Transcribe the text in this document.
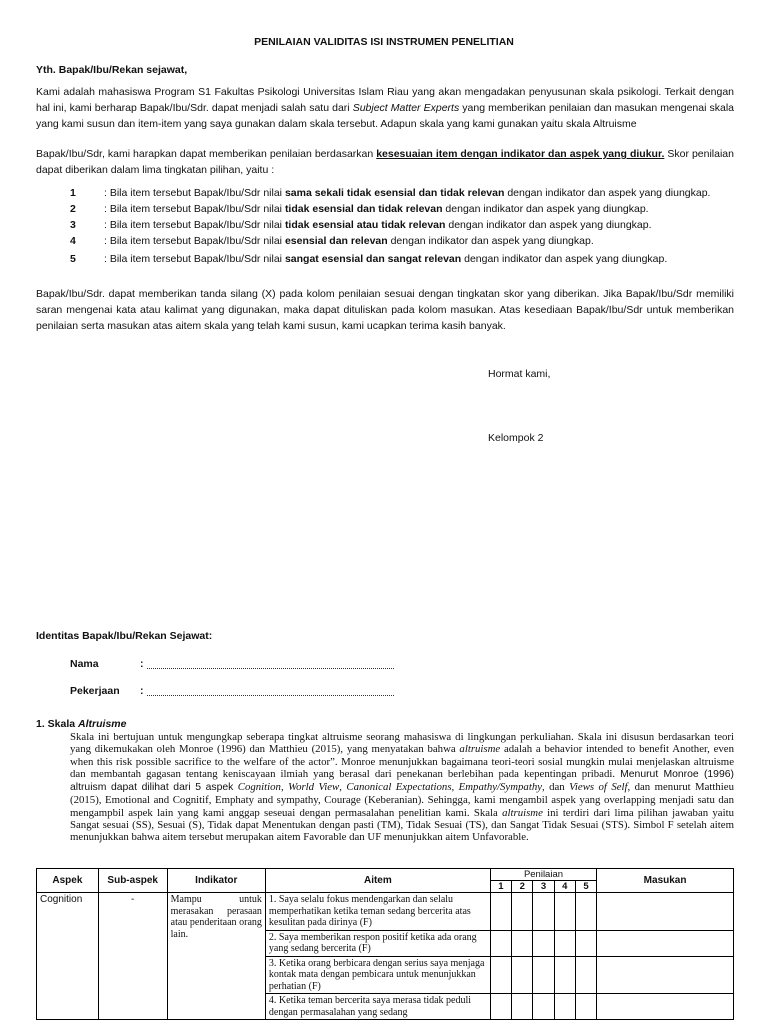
PENILAIAN VALIDITAS ISI INSTRUMEN PENELITIAN
Yth. Bapak/Ibu/Rekan sejawat,
Kami adalah mahasiswa Program S1 Fakultas Psikologi Universitas Islam Riau yang akan mengadakan penyusunan skala psikologi. Terkait dengan hal ini, kami berharap Bapak/Ibu/Sdr. dapat menjadi salah satu dari Subject Matter Experts yang memberikan penilaian dan masukan mengenai skala yang kami susun dan item-item yang saya gunakan dalam skala tersebut. Adapun skala yang kami gunakan yaitu skala Altruisme
Bapak/Ibu/Sdr, kami harapkan dapat memberikan penilaian berdasarkan kesesuaian item dengan indikator dan aspek yang diukur. Skor penilaian dapat diberikan dalam lima tingkatan pilihan, yaitu :
1	: Bila item tersebut Bapak/Ibu/Sdr nilai sama sekali tidak esensial dan tidak relevan dengan indikator dan aspek yang diungkap.
2	: Bila item tersebut Bapak/Ibu/Sdr nilai tidak esensial dan tidak relevan dengan indikator dan aspek yang diungkap.
3	: Bila item tersebut Bapak/Ibu/Sdr nilai tidak esensial atau tidak relevan dengan indikator dan aspek yang diungkap.
4	: Bila item tersebut Bapak/Ibu/Sdr nilai esensial dan relevan dengan indikator dan aspek yang diungkap.
5	: Bila item tersebut Bapak/Ibu/Sdr nilai sangat esensial dan sangat relevan dengan indikator dan aspek yang diungkap.
Bapak/Ibu/Sdr. dapat memberikan tanda silang (X) pada kolom penilaian sesuai dengan tingkatan skor yang diberikan. Jika Bapak/Ibu/Sdr memiliki saran mengenai kata atau kalimat yang digunakan, maka dapat dituliskan pada kolom masukan. Atas kesediaan Bapak/Ibu/Sdr untuk memberikan penilaian serta masukan atas aitem skala yang telah kami susun, kami ucapkan terima kasih banyak.
Hormat kami,
Kelompok 2
Identitas Bapak/Ibu/Rekan Sejawat:
Nama	:
Pekerjaan :
1. Skala Altruisme
Skala ini bertujuan untuk mengungkap seberapa tingkat altruisme seorang mahasiswa di lingkungan perkuliahan. Skala ini disusun berdasarkan teori yang dikemukakan oleh Monroe (1996) dan Matthieu (2015), yang menyatakan bahwa altruisme adalah a behavior intended to benefit Another, even when this risk possible sacrifice to the welfare of the actor”. Monroe menunjukkan bagaimana teori-teori sosial mungkin mulai menjelaskan altruisme dan membantah gagasan tentang keniscayaan ilmiah yang berasal dari penekanan berlebihan pada kepentingan pribadi. Menurut Monroe (1996) altruism dapat dilihat dari 5 aspek Cognition, World View, Canonical Expectations, Empathy/Sympathy, dan Views of Self, dan menurut Matthieu (2015), Emotional and Cognitif, Emphaty and sympathy, Courage (Keberanian). Sehingga, kami mengambil aspek yang overlapping menjadi satu dan mengampbil aspek lain yang kami anggap seseuai dengan permasalahan penelitian kami. Skala altruisme ini terdiri dari lima pilihan jawaban yaitu Sangat sesuai (SS), Sesuai (S), Tidak dapat Menentukan dengan pasti (TM), Tidak Sesuai (TS), dan Sangat Tidak Sesuai (STS). Simbol F setelah aitem menunjukkan bahwa aitem tersebut merupakan aitem Favorable dan UF menunjukkan aitem Unfavorable.
Aspek	Sub-aspek	Indikator	Aitem	Penilaian					Masukan
				1	2	3	4	5	
Cognition	-	Mampu untuk merasakan perasaan atau penderitaan orang lain.	1. Saya selalu fokus mendengarkan dan selalu memperhatikan ketika teman sedang bercerita atas kesulitan pada dirinya (F)						
			2. Saya memberikan respon positif ketika ada orang yang sedang bercerita (F)						
			3. Ketika orang berbicara dengan serius saya menjaga kontak mata dengan pembicara untuk menunjukkan perhatian (F)						
			4. Ketika teman bercerita saya merasa tidak peduli dengan permasalahan yang sedang						
